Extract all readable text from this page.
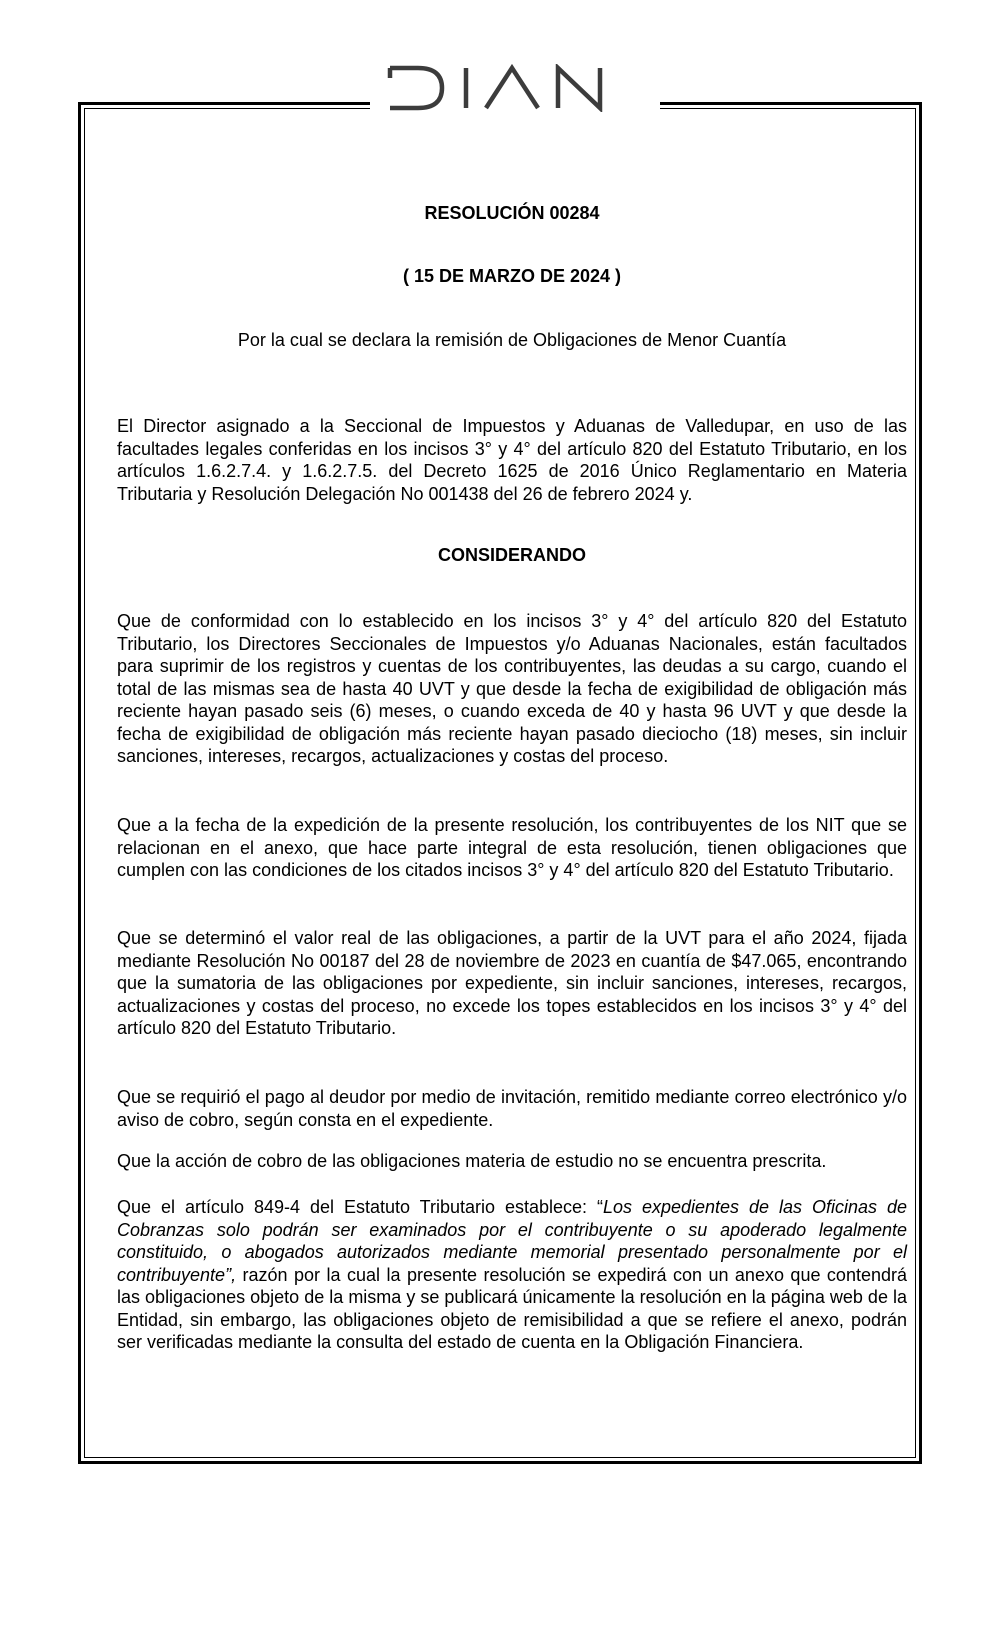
RESOLUCIÓN 00284
( 15 DE MARZO DE 2024 )
Por la cual se declara la remisión de Obligaciones de Menor Cuantía

El Director asignado a la Seccional de Impuestos y Aduanas de Valledupar, en uso de las facultades legales conferidas en los incisos 3° y 4° del artículo 820 del Estatuto Tributario, en los artículos 1.6.2.7.4. y 1.6.2.7.5. del Decreto 1625 de 2016 Único Reglamentario en Materia Tributaria y Resolución Delegación No 001438 del 26 de febrero 2024 y.

CONSIDERANDO

Que de conformidad con lo establecido en los incisos 3° y 4° del artículo 820 del Estatuto Tributario, los Directores Seccionales de Impuestos y/o Aduanas Nacionales, están facultados para suprimir de los registros y cuentas de los contribuyentes, las deudas a su cargo, cuando el total de las mismas sea de hasta 40 UVT y que desde la fecha de exigibilidad de obligación más reciente hayan pasado seis (6) meses, o cuando exceda de 40 y hasta 96 UVT y que desde la fecha de exigibilidad de obligación más reciente hayan pasado dieciocho (18) meses, sin incluir sanciones, intereses, recargos, actualizaciones y costas del proceso.

Que a la fecha de la expedición de la presente resolución, los contribuyentes de los NIT que se relacionan en el anexo, que hace parte integral de esta resolución, tienen obligaciones que cumplen con las condiciones de los citados incisos 3° y 4° del artículo 820 del Estatuto Tributario.

Que se determinó el valor real de las obligaciones, a partir de la UVT para el año 2024, fijada mediante Resolución No 00187 del 28 de noviembre de 2023 en cuantía de $47.065, encontrando que la sumatoria de las obligaciones por expediente, sin incluir sanciones, intereses, recargos, actualizaciones y costas del proceso, no excede los topes establecidos en los incisos 3° y 4° del artículo 820 del Estatuto Tributario.

Que se requirió el pago al deudor por medio de invitación, remitido mediante correo electrónico y/o aviso de cobro, según consta en el expediente.

Que la acción de cobro de las obligaciones materia de estudio no se encuentra prescrita.

Que el artículo 849-4 del Estatuto Tributario establece: “Los expedientes de las Oficinas de Cobranzas solo podrán ser examinados por el contribuyente o su apoderado legalmente constituido, o abogados autorizados mediante memorial presentado personalmente por el contribuyente”, razón por la cual la presente resolución se expedirá con un anexo que contendrá las obligaciones objeto de la misma y se publicará únicamente la resolución en la página web de la Entidad, sin embargo, las obligaciones objeto de remisibilidad a que se refiere el anexo, podrán ser verificadas mediante la consulta del estado de cuenta en la Obligación Financiera.
